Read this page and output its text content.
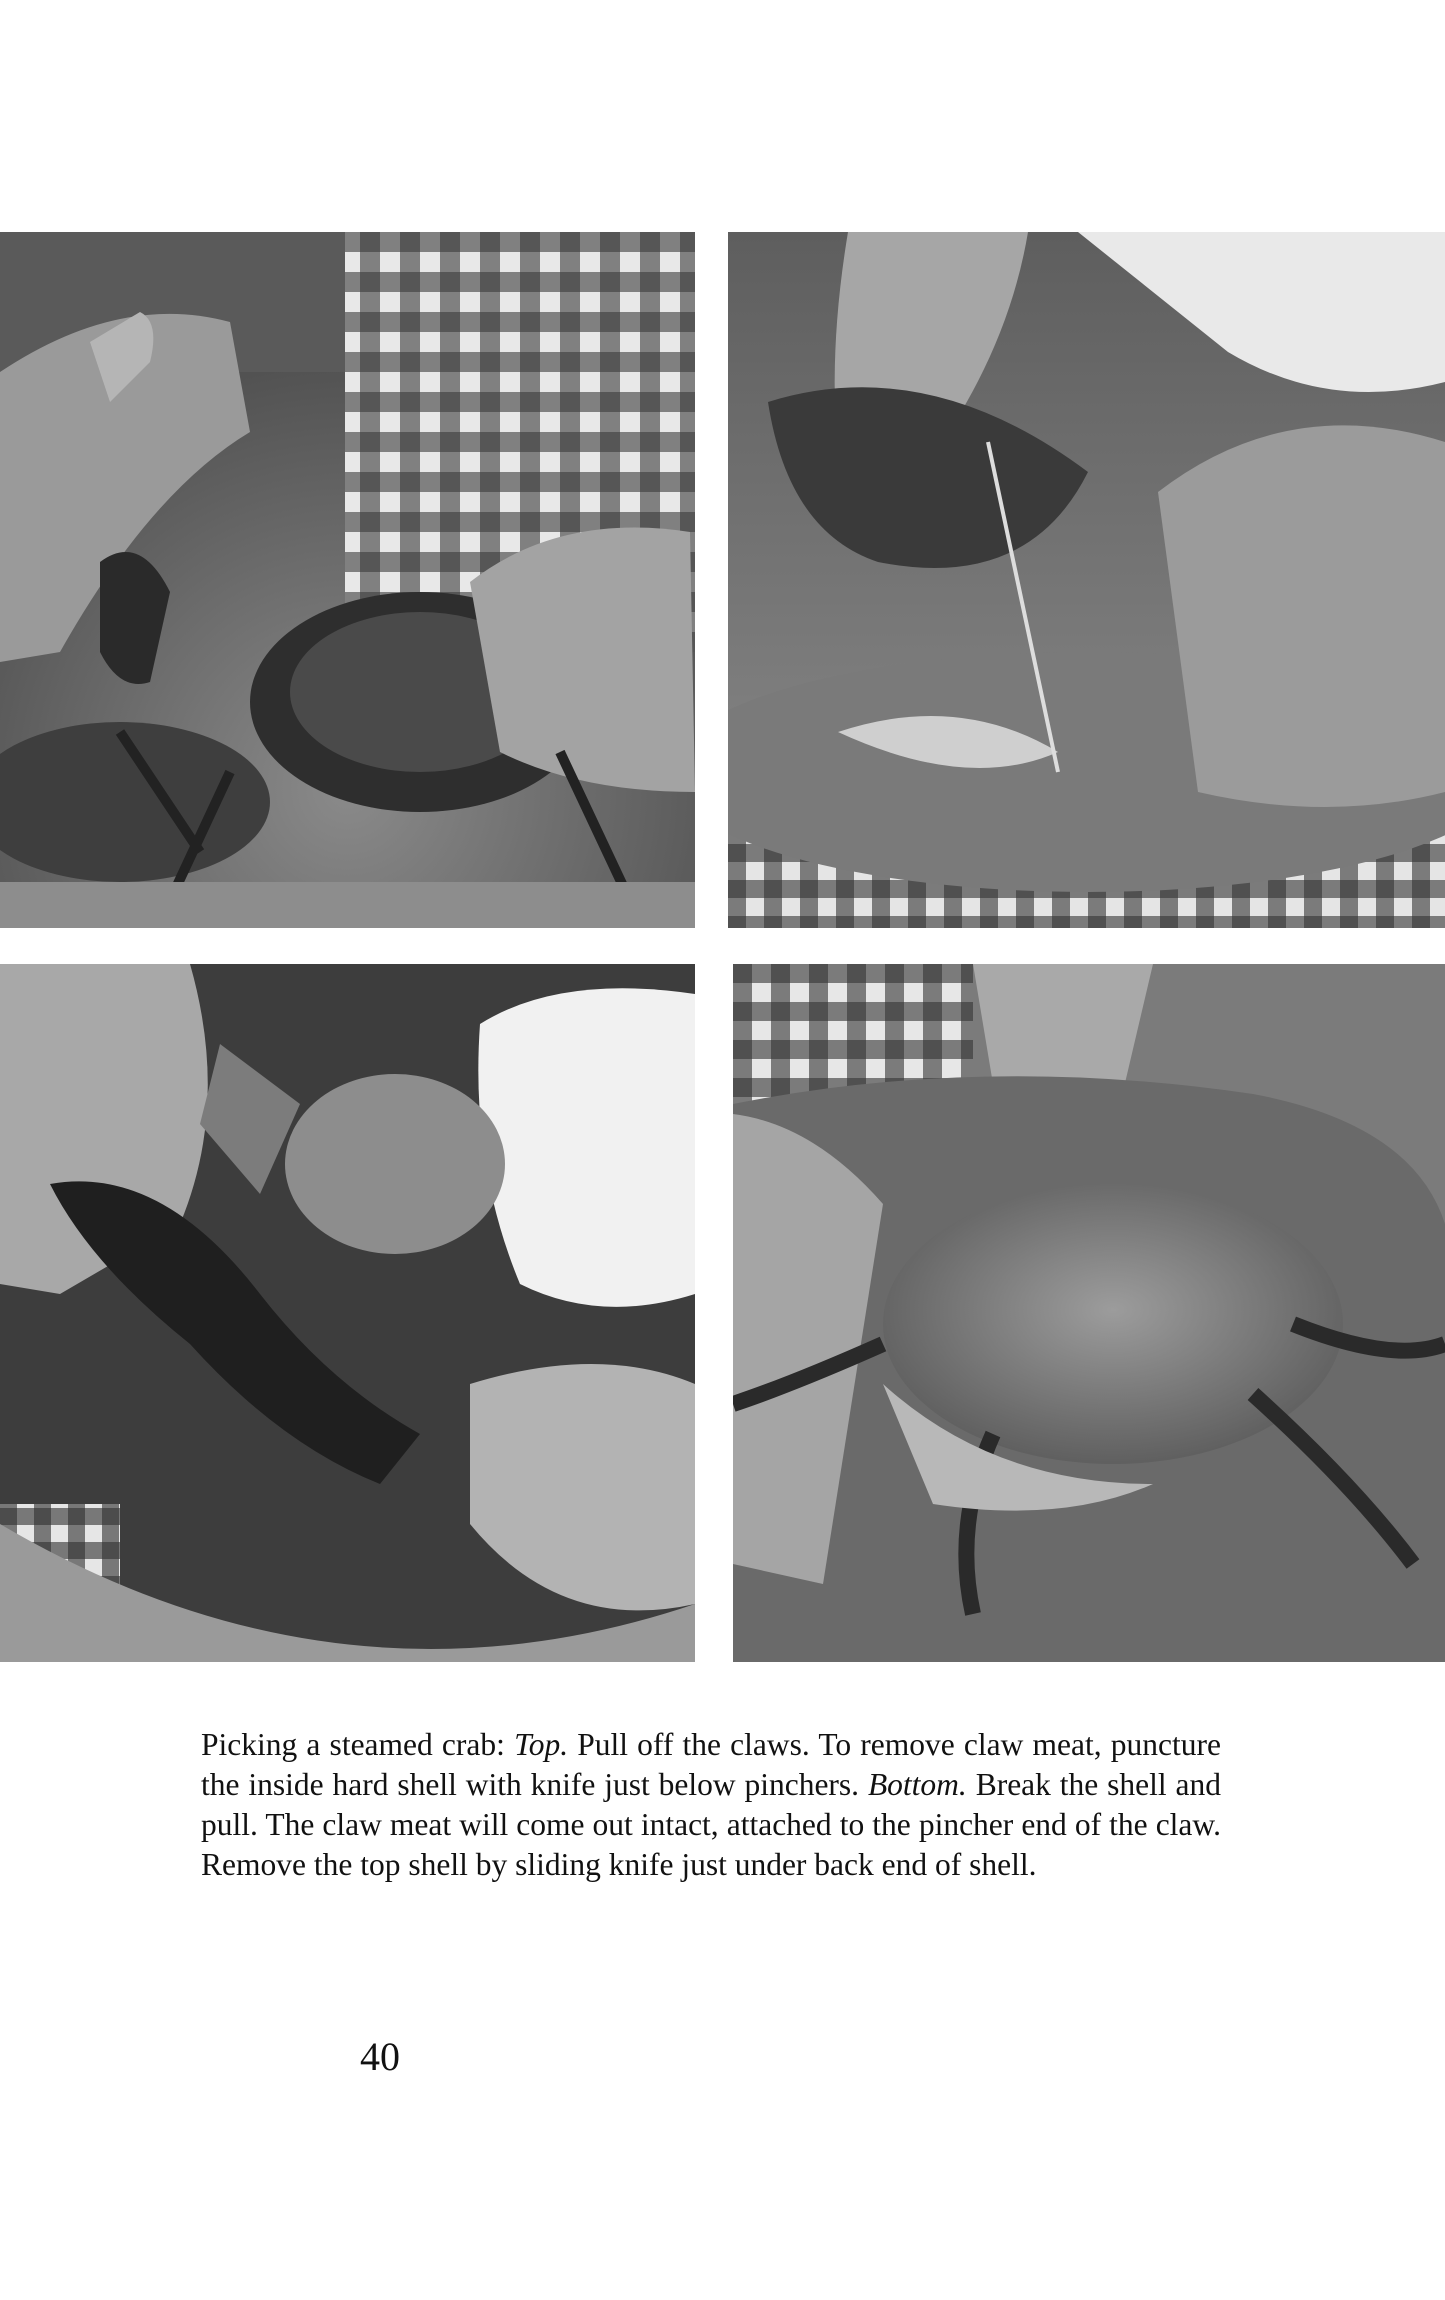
Picking a steamed crab: Top. Pull off the claws. To remove claw meat, puncture the inside hard shell with knife just below pinchers. Bottom. Break the shell and pull. The claw meat will come out intact, attached to the pincher end of the claw. Remove the top shell by sliding knife just under back end of shell.

40
